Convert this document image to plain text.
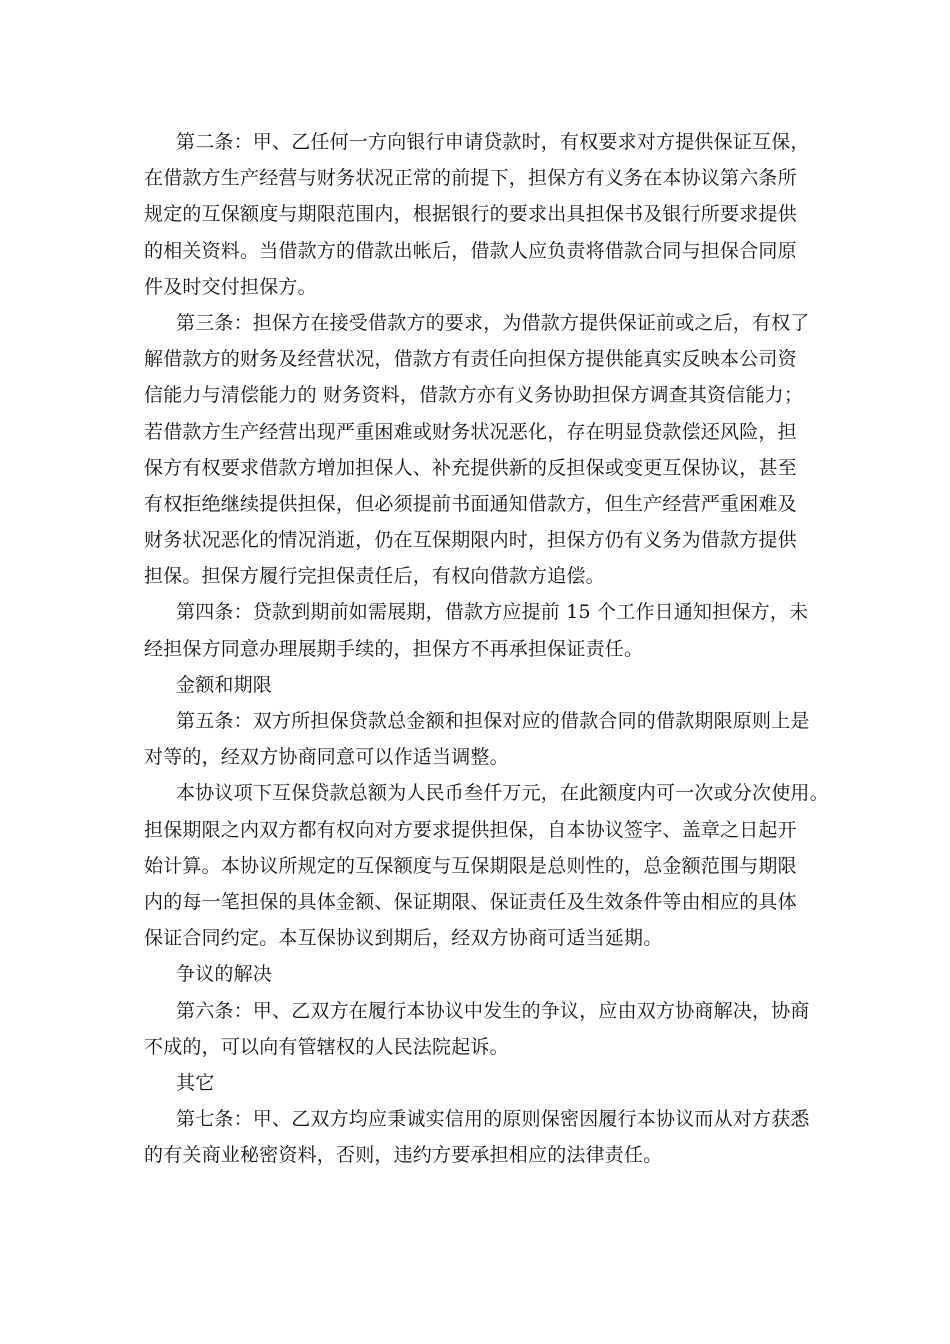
第二条：甲、乙任何一方向银行申请贷款时，有权要求对方提供保证互保，
在借款方生产经营与财务状况正常的前提下，担保方有义务在本协议第六条所
规定的互保额度与期限范围内，根据银行的要求出具担保书及银行所要求提供
的相关资料。当借款方的借款出帐后，借款人应负责将借款合同与担保合同原
件及时交付担保方。
第三条：担保方在接受借款方的要求，为借款方提供保证前或之后，有权了
解借款方的财务及经营状况，借款方有责任向担保方提供能真实反映本公司资
信能力与清偿能力的 财务资料，借款方亦有义务协助担保方调查其资信能力；
若借款方生产经营出现严重困难或财务状况恶化，存在明显贷款偿还风险，担
保方有权要求借款方增加担保人、补充提供新的反担保或变更互保协议，甚至
有权拒绝继续提供担保，但必须提前书面通知借款方，但生产经营严重困难及
财务状况恶化的情况消逝，仍在互保期限内时，担保方仍有义务为借款方提供
担保。担保方履行完担保责任后，有权向借款方追偿。
第四条：贷款到期前如需展期，借款方应提前 15 个工作日通知担保方，未
经担保方同意办理展期手续的，担保方不再承担保证责任。
金额和期限
第五条：双方所担保贷款总金额和担保对应的借款合同的借款期限原则上是
对等的，经双方协商同意可以作适当调整。
本协议项下互保贷款总额为人民币叁仟万元，在此额度内可一次或分次使用。
担保期限之内双方都有权向对方要求提供担保，自本协议签字、盖章之日起开
始计算。本协议所规定的互保额度与互保期限是总则性的，总金额范围与期限
内的每一笔担保的具体金额、保证期限、保证责任及生效条件等由相应的具体
保证合同约定。本互保协议到期后，经双方协商可适当延期。
争议的解决
第六条：甲、乙双方在履行本协议中发生的争议，应由双方协商解决，协商
不成的，可以向有管辖权的人民法院起诉。
其它
第七条：甲、乙双方均应秉诚实信用的原则保密因履行本协议而从对方获悉
的有关商业秘密资料，否则，违约方要承担相应的法律责任。
